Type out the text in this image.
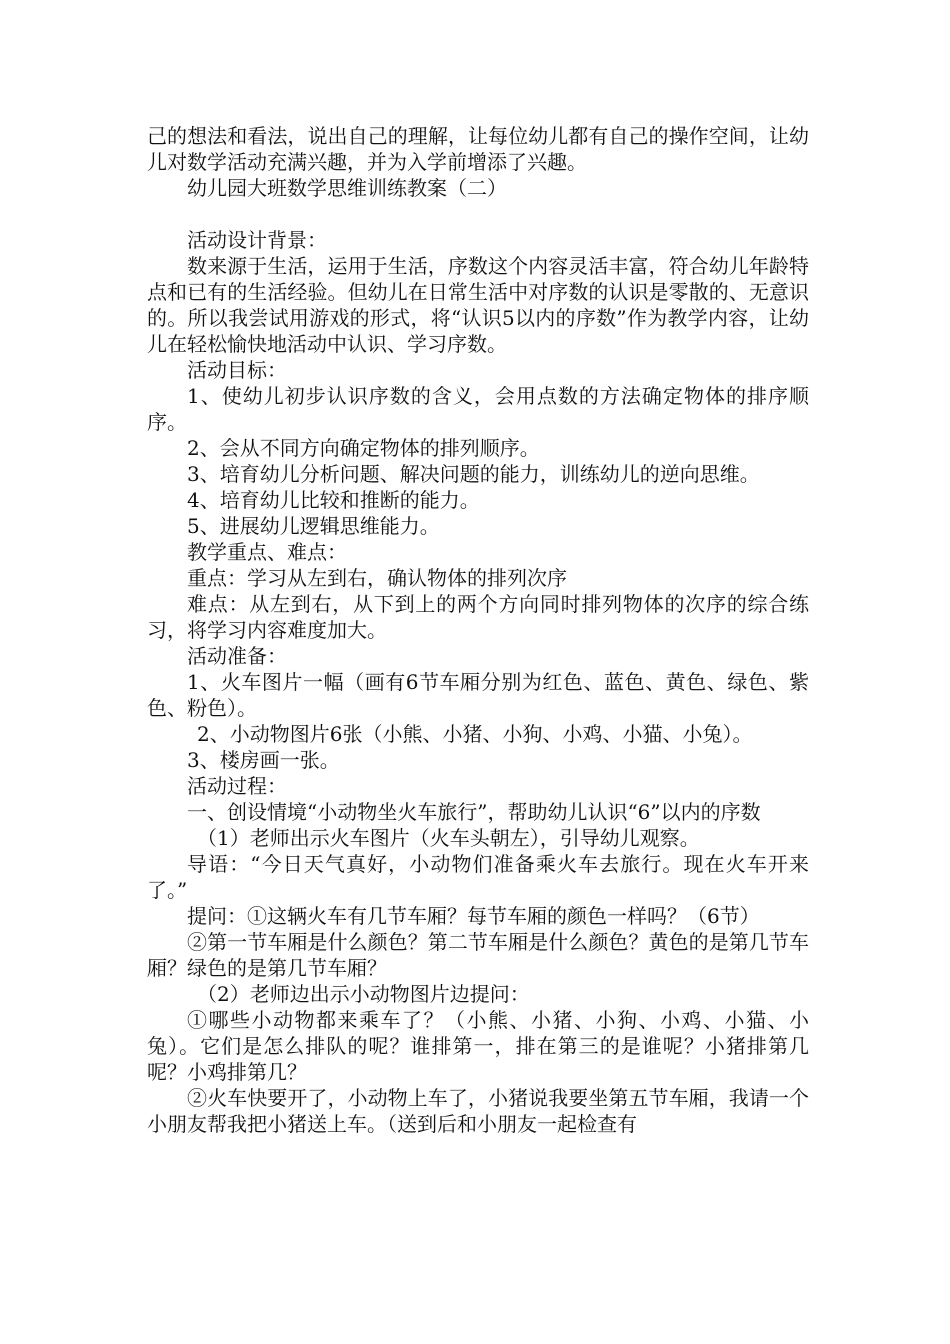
己的想法和看法，说出自己的理解，让每位幼儿都有自己的操作空间，让幼儿对数学活动充满兴趣，并为入学前增添了兴趣。

幼儿园大班数学思维训练教案（二）

活动设计背景：

数来源于生活，运用于生活，序数这个内容灵活丰富，符合幼儿年龄特点和已有的生活经验。但幼儿在日常生活中对序数的认识是零散的、无意识的。所以我尝试用游戏的形式，将“认识5以内的序数”作为教学内容，让幼儿在轻松愉快地活动中认识、学习序数。

活动目标：

1、使幼儿初步认识序数的含义，会用点数的方法确定物体的排序顺序。

2、会从不同方向确定物体的排列顺序。

3、培育幼儿分析问题、解决问题的能力，训练幼儿的逆向思维。

4、培育幼儿比较和推断的能力。

5、进展幼儿逻辑思维能力。

教学重点、难点：

重点：学习从左到右，确认物体的排列次序

难点：从左到右，从下到上的两个方向同时排列物体的次序的综合练习，将学习内容难度加大。

活动准备：

1、火车图片一幅（画有6节车厢分别为红色、蓝色、黄色、绿色、紫色、粉色）。

2、小动物图片6张（小熊、小猪、小狗、小鸡、小猫、小兔）。

3、楼房画一张。

活动过程：

一、创设情境“小动物坐火车旅行”，帮助幼儿认识“6”以内的序数

（1）老师出示火车图片（火车头朝左），引导幼儿观察。

导语：“今日天气真好，小动物们准备乘火车去旅行。现在火车开来了。”

提问：①这辆火车有几节车厢？每节车厢的颜色一样吗？（6节）

②第一节车厢是什么颜色？第二节车厢是什么颜色？黄色的是第几节车厢？绿色的是第几节车厢？

（2）老师边出示小动物图片边提问：

①哪些小动物都来乘车了？（小熊、小猪、小狗、小鸡、小猫、小兔）。它们是怎么排队的呢？谁排第一，排在第三的是谁呢？小猪排第几呢？小鸡排第几？

②火车快要开了，小动物上车了，小猪说我要坐第五节车厢，我请一个小朋友帮我把小猪送上车。（送到后和小朋友一起检查有
